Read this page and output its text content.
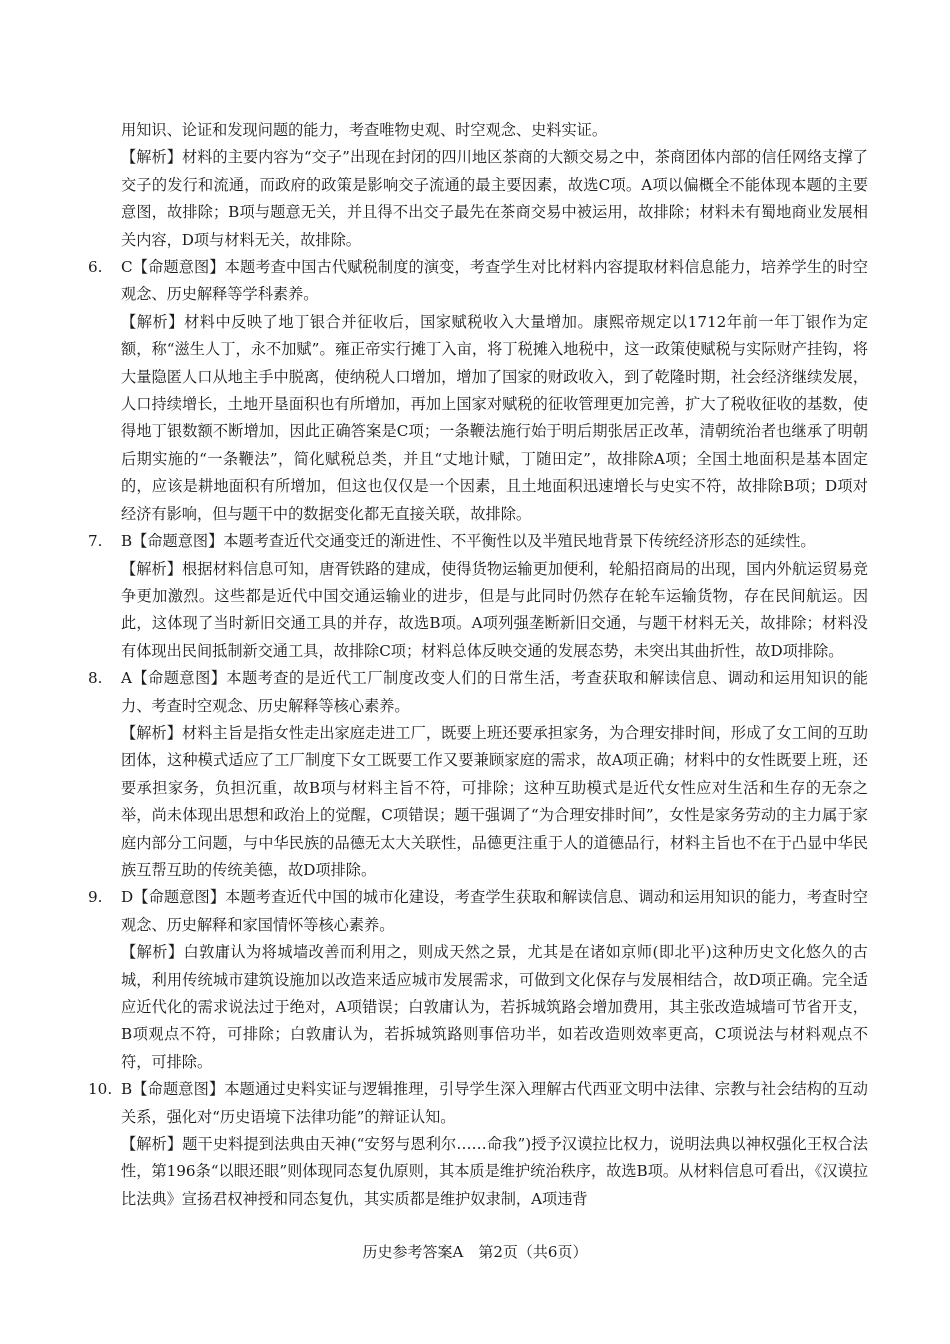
用知识、论证和发现问题的能力，考查唯物史观、时空观念、史料实证。

【解析】材料的主要内容为“交子”出现在封闭的四川地区茶商的大额交易之中，茶商团体内部的信任网络支撑了交子的发行和流通，而政府的政策是影响交子流通的最主要因素，故选C项。A项以偏概全不能体现本题的主要意图，故排除；B项与题意无关，并且得不出交子最先在茶商交易中被运用，故排除；材料未有蜀地商业发展相关内容，D项与材料无关，故排除。

6.	C【命题意图】本题考查中国古代赋税制度的演变，考查学生对比材料内容提取材料信息能力，培养学生的时空观念、历史解释等学科素养。

【解析】材料中反映了地丁银合并征收后，国家赋税收入大量增加。康熙帝规定以1712年前一年丁银作为定额，称“滋生人丁，永不加赋”。雍正帝实行摊丁入亩，将丁税摊入地税中，这一政策使赋税与实际财产挂钩，将大量隐匿人口从地主手中脱离，使纳税人口增加，增加了国家的财政收入，到了乾隆时期，社会经济继续发展，人口持续增长，土地开垦面积也有所增加，再加上国家对赋税的征收管理更加完善，扩大了税收征收的基数，使得地丁银数额不断增加，因此正确答案是C项；一条鞭法施行始于明后期张居正改革，清朝统治者也继承了明朝后期实施的“一条鞭法”，简化赋税总类，并且“丈地计赋，丁随田定”，故排除A项；全国土地面积是基本固定的，应该是耕地面积有所增加，但这也仅仅是一个因素，且土地面积迅速增长与史实不符，故排除B项；D项对经济有影响，但与题干中的数据变化都无直接关联，故排除。

7.	B【命题意图】本题考查近代交通变迁的渐进性、不平衡性以及半殖民地背景下传统经济形态的延续性。

【解析】根据材料信息可知，唐胥铁路的建成，使得货物运输更加便利，轮船招商局的出现，国内外航运贸易竞争更加激烈。这些都是近代中国交通运输业的进步，但是与此同时仍然存在轮车运输货物，存在民间航运。因此，这体现了当时新旧交通工具的并存，故选B项。A项列强垄断新旧交通，与题干材料无关，故排除；材料没有体现出民间抵制新交通工具，故排除C项；材料总体反映交通的发展态势，未突出其曲折性，故D项排除。

8.	A【命题意图】本题考查的是近代工厂制度改变人们的日常生活，考查获取和解读信息、调动和运用知识的能力、考查时空观念、历史解释等核心素养。

【解析】材料主旨是指女性走出家庭走进工厂，既要上班还要承担家务，为合理安排时间，形成了女工间的互助团体，这种模式适应了工厂制度下女工既要工作又要兼顾家庭的需求，故A项正确；材料中的女性既要上班，还要承担家务，负担沉重，故B项与材料主旨不符，可排除；这种互助模式是近代女性应对生活和生存的无奈之举，尚未体现出思想和政治上的觉醒，C项错误；题干强调了“为合理安排时间”，女性是家务劳动的主力属于家庭内部分工问题，与中华民族的品德无太大关联性，品德更注重于人的道德品行，材料主旨也不在于凸显中华民族互帮互助的传统美德，故D项排除。

9.	D【命题意图】本题考查近代中国的城市化建设，考查学生获取和解读信息、调动和运用知识的能力，考查时空观念、历史解释和家国情怀等核心素养。

【解析】白敦庸认为将城墙改善而利用之，则成天然之景，尤其是在诸如京师(即北平)这种历史文化悠久的古城，利用传统城市建筑设施加以改造来适应城市发展需求，可做到文化保存与发展相结合，故D项正确。完全适应近代化的需求说法过于绝对，A项错误；白敦庸认为，若拆城筑路会增加费用，其主张改造城墙可节省开支，B项观点不符，可排除；白敦庸认为，若拆城筑路则事倍功半，如若改造则效率更高，C项说法与材料观点不符，可排除。

10. B【命题意图】本题通过史料实证与逻辑推理，引导学生深入理解古代西亚文明中法律、宗教与社会结构的互动关系，强化对“历史语境下法律功能”的辩证认知。

【解析】题干史料提到法典由天神(“安努与恩利尔……命我”)授予汉谟拉比权力，说明法典以神权强化王权合法性，第196条“以眼还眼”则体现同态复仇原则，其本质是维护统治秩序，故选B项。从材料信息可看出，《汉谟拉比法典》宣扬君权神授和同态复仇，其实质都是维护奴隶制，A项违背

历史参考答案A　第2页（共6页）
